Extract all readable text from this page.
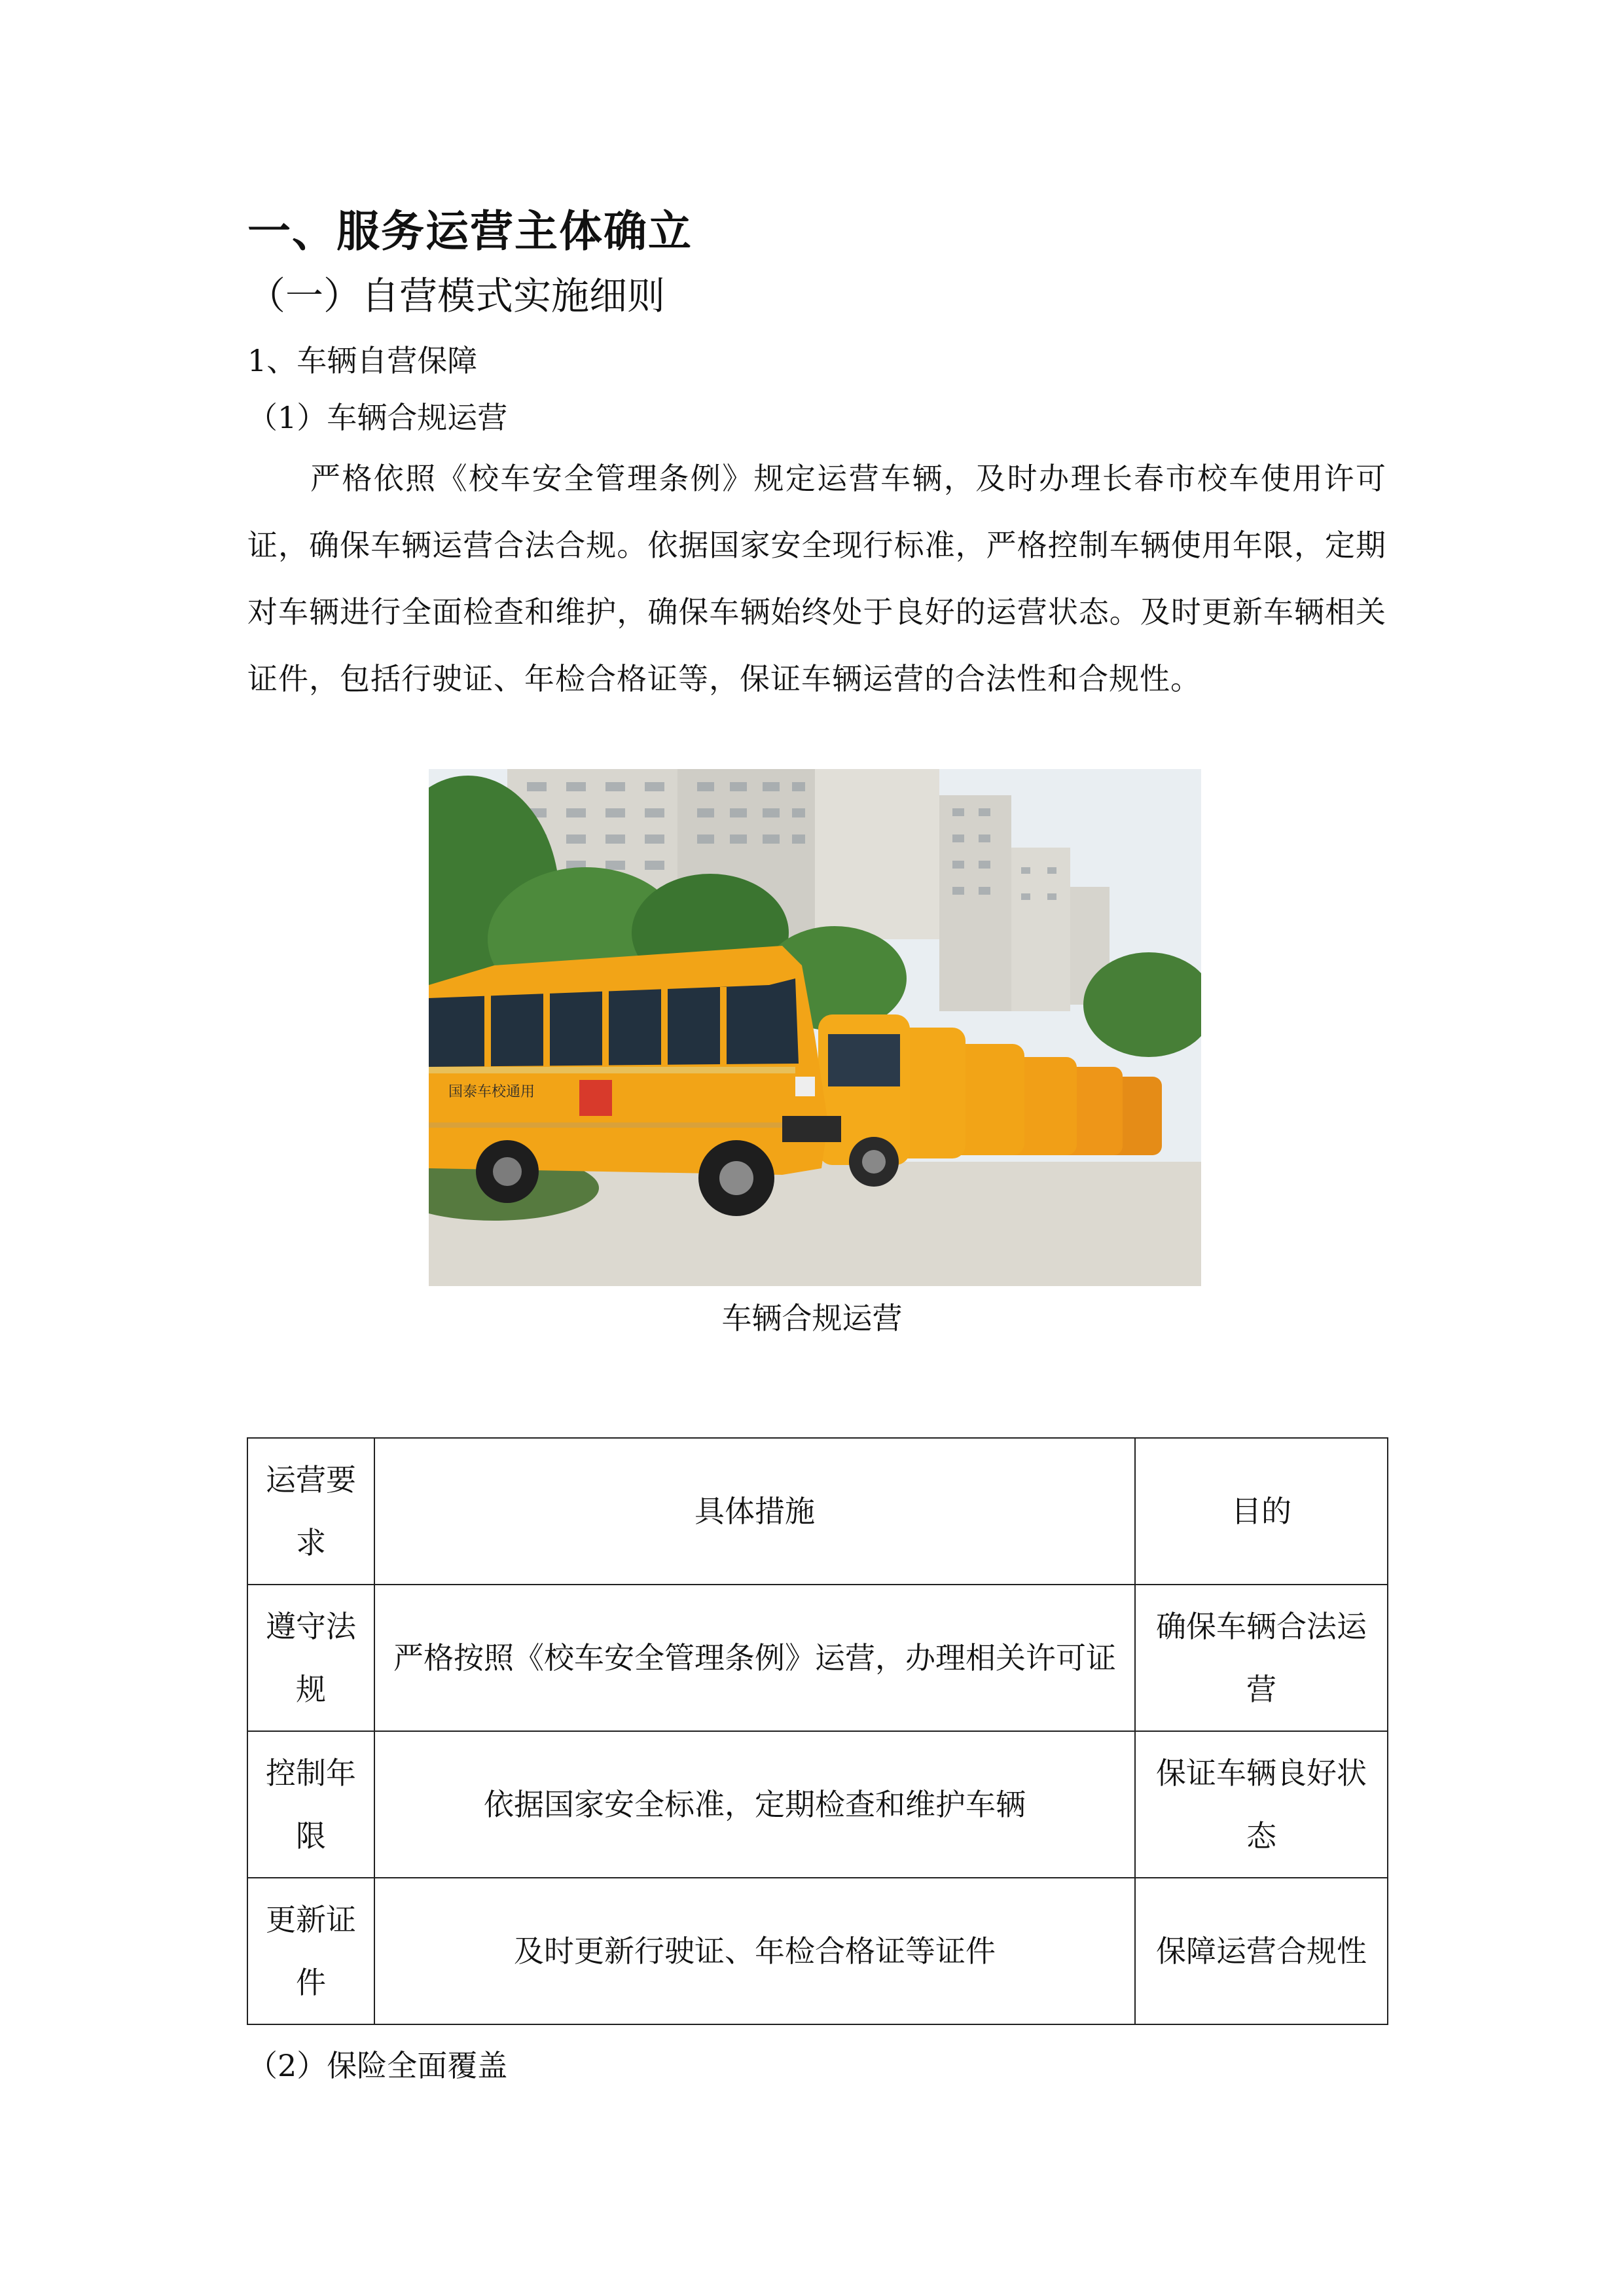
一、服务运营主体确立
（一）自营模式实施细则
1、车辆自营保障
（1）车辆合规运营
严格依照《校车安全管理条例》规定运营车辆，及时办理长春市校车使用许可证，确保车辆运营合法合规。依据国家安全现行标准，严格控制车辆使用年限，定期对车辆进行全面检查和维护，确保车辆始终处于良好的运营状态。及时更新车辆相关证件，包括行驶证、年检合格证等，保证车辆运营的合法性和合规性。
国泰车校通用
车辆合规运营
运营要求	具体措施	目的
遵守法规	严格按照《校车安全管理条例》运营，办理相关许可证	确保车辆合法运营
控制年限	依据国家安全标准，定期检查和维护车辆	保证车辆良好状态
更新证件	及时更新行驶证、年检合格证等证件	保障运营合规性
（2）保险全面覆盖
